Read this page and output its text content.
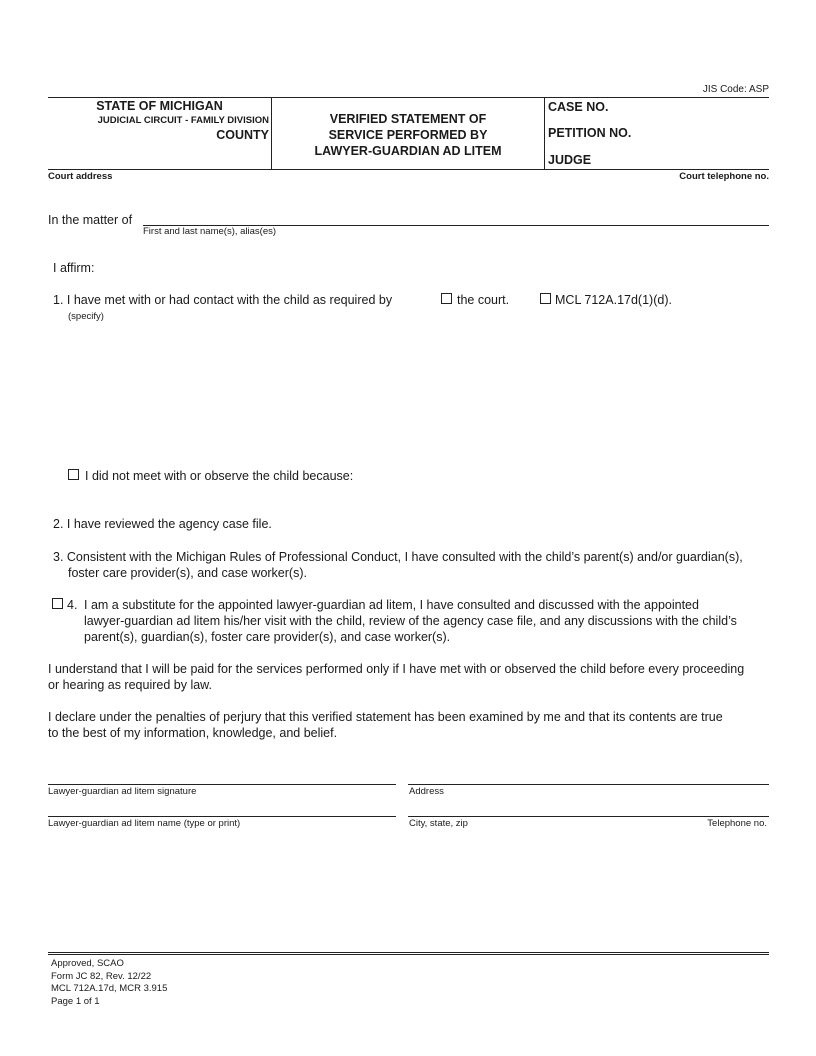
JIS Code: ASP
STATE OF MICHIGAN
JUDICIAL CIRCUIT - FAMILY DIVISION
COUNTY
VERIFIED STATEMENT OF
SERVICE PERFORMED BY
LAWYER-GUARDIAN AD LITEM
CASE NO.
PETITION NO.
JUDGE
Court address	Court telephone no.
In the matter of
First and last name(s), alias(es)
I affirm:
1. I have met with or had contact with the child as required by	the court.	MCL 712A.17d(1)(d).
(specify)
I did not meet with or observe the child because:
2. I have reviewed the agency case file.
3. Consistent with the Michigan Rules of Professional Conduct, I have consulted with the child’s parent(s) and/or guardian(s),
foster care provider(s), and case worker(s).
4. I am a substitute for the appointed lawyer-guardian ad litem, I have consulted and discussed with the appointed
lawyer-guardian ad litem his/her visit with the child, review of the agency case file, and any discussions with the child’s
parent(s), guardian(s), foster care provider(s), and case worker(s).
I understand that I will be paid for the services performed only if I have met with or observed the child before every proceeding
or hearing as required by law.
I declare under the penalties of perjury that this verified statement has been examined by me and that its contents are true
to the best of my information, knowledge, and belief.
Lawyer-guardian ad litem signature	Address
Lawyer-guardian ad litem name (type or print)	City, state, zip	Telephone no.
Approved, SCAO
Form JC 82, Rev. 12/22
MCL 712A.17d, MCR 3.915
Page 1 of 1
